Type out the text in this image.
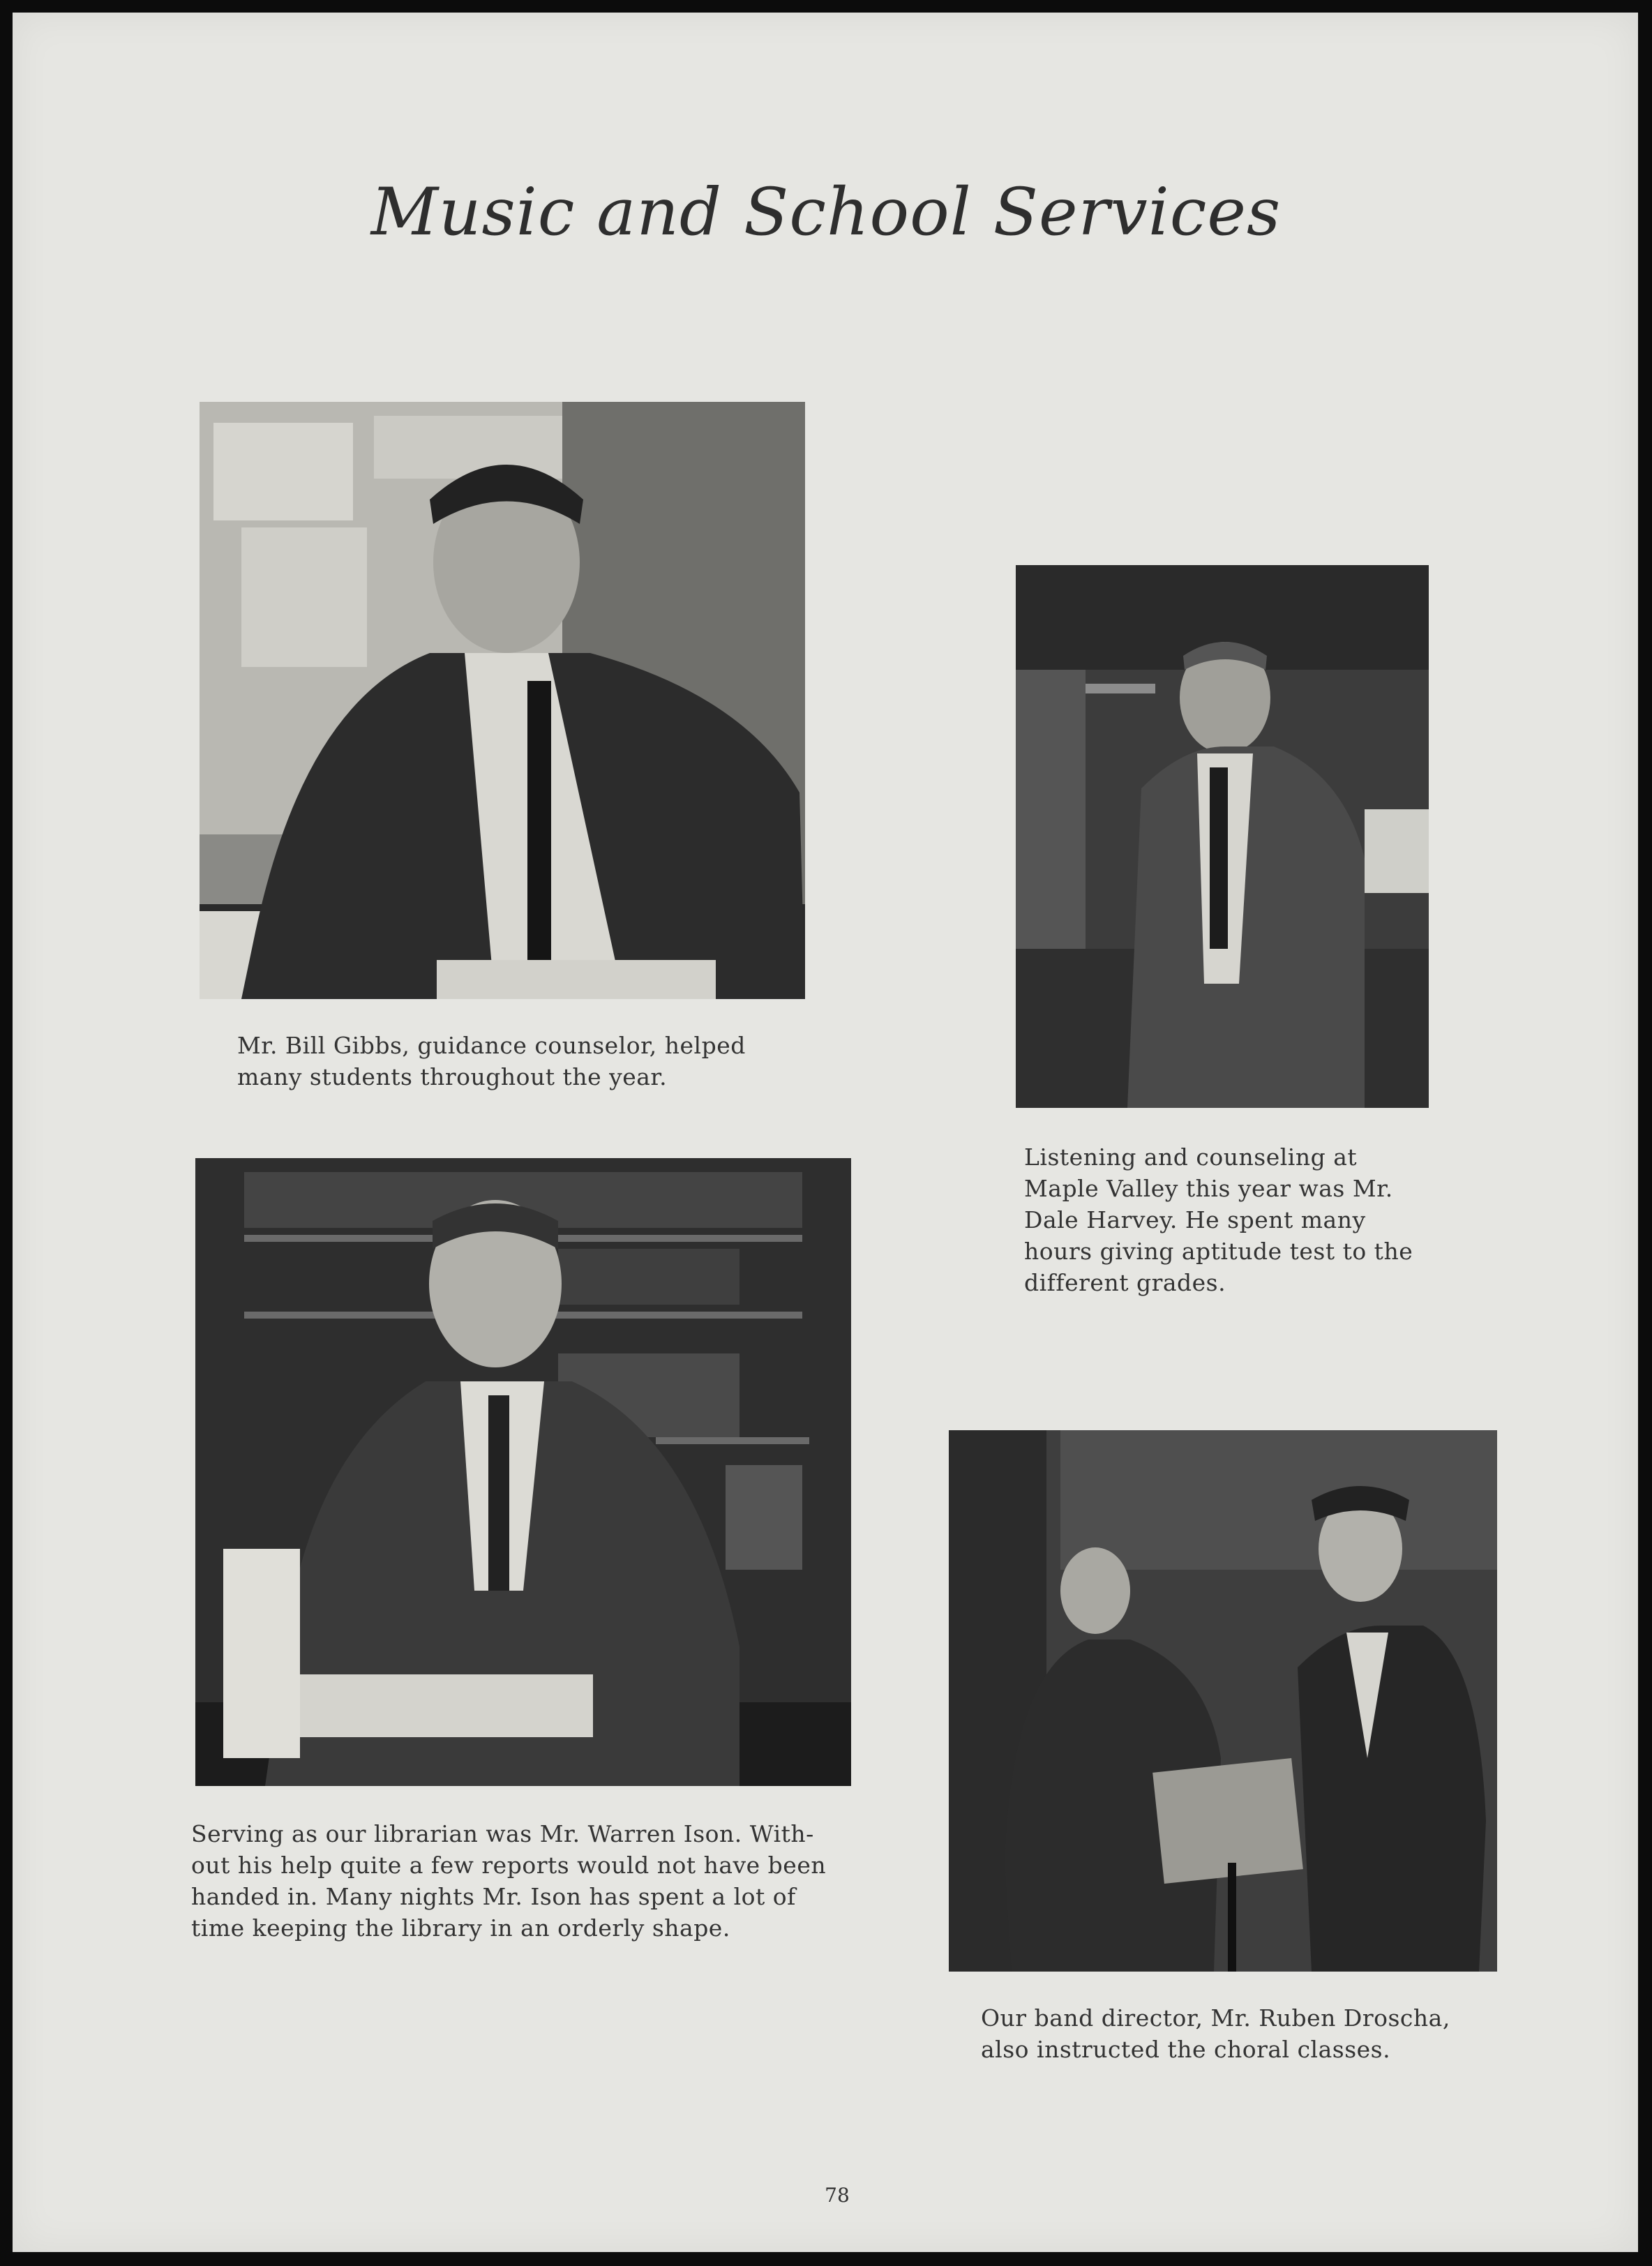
Music and School Services
Mr. Bill Gibbs, guidance counselor, helped
many students throughout the year.
Listening and counseling at
Maple Valley this year was Mr.
Dale Harvey. He spent many
hours giving aptitude test to the
different grades.
Serving as our librarian was Mr. Warren Ison. With-
out his help quite a few reports would not have been
handed in. Many nights Mr. Ison has spent a lot of
time keeping the library in an orderly shape.
Our band director, Mr. Ruben Droscha,
also instructed the choral classes.
78
